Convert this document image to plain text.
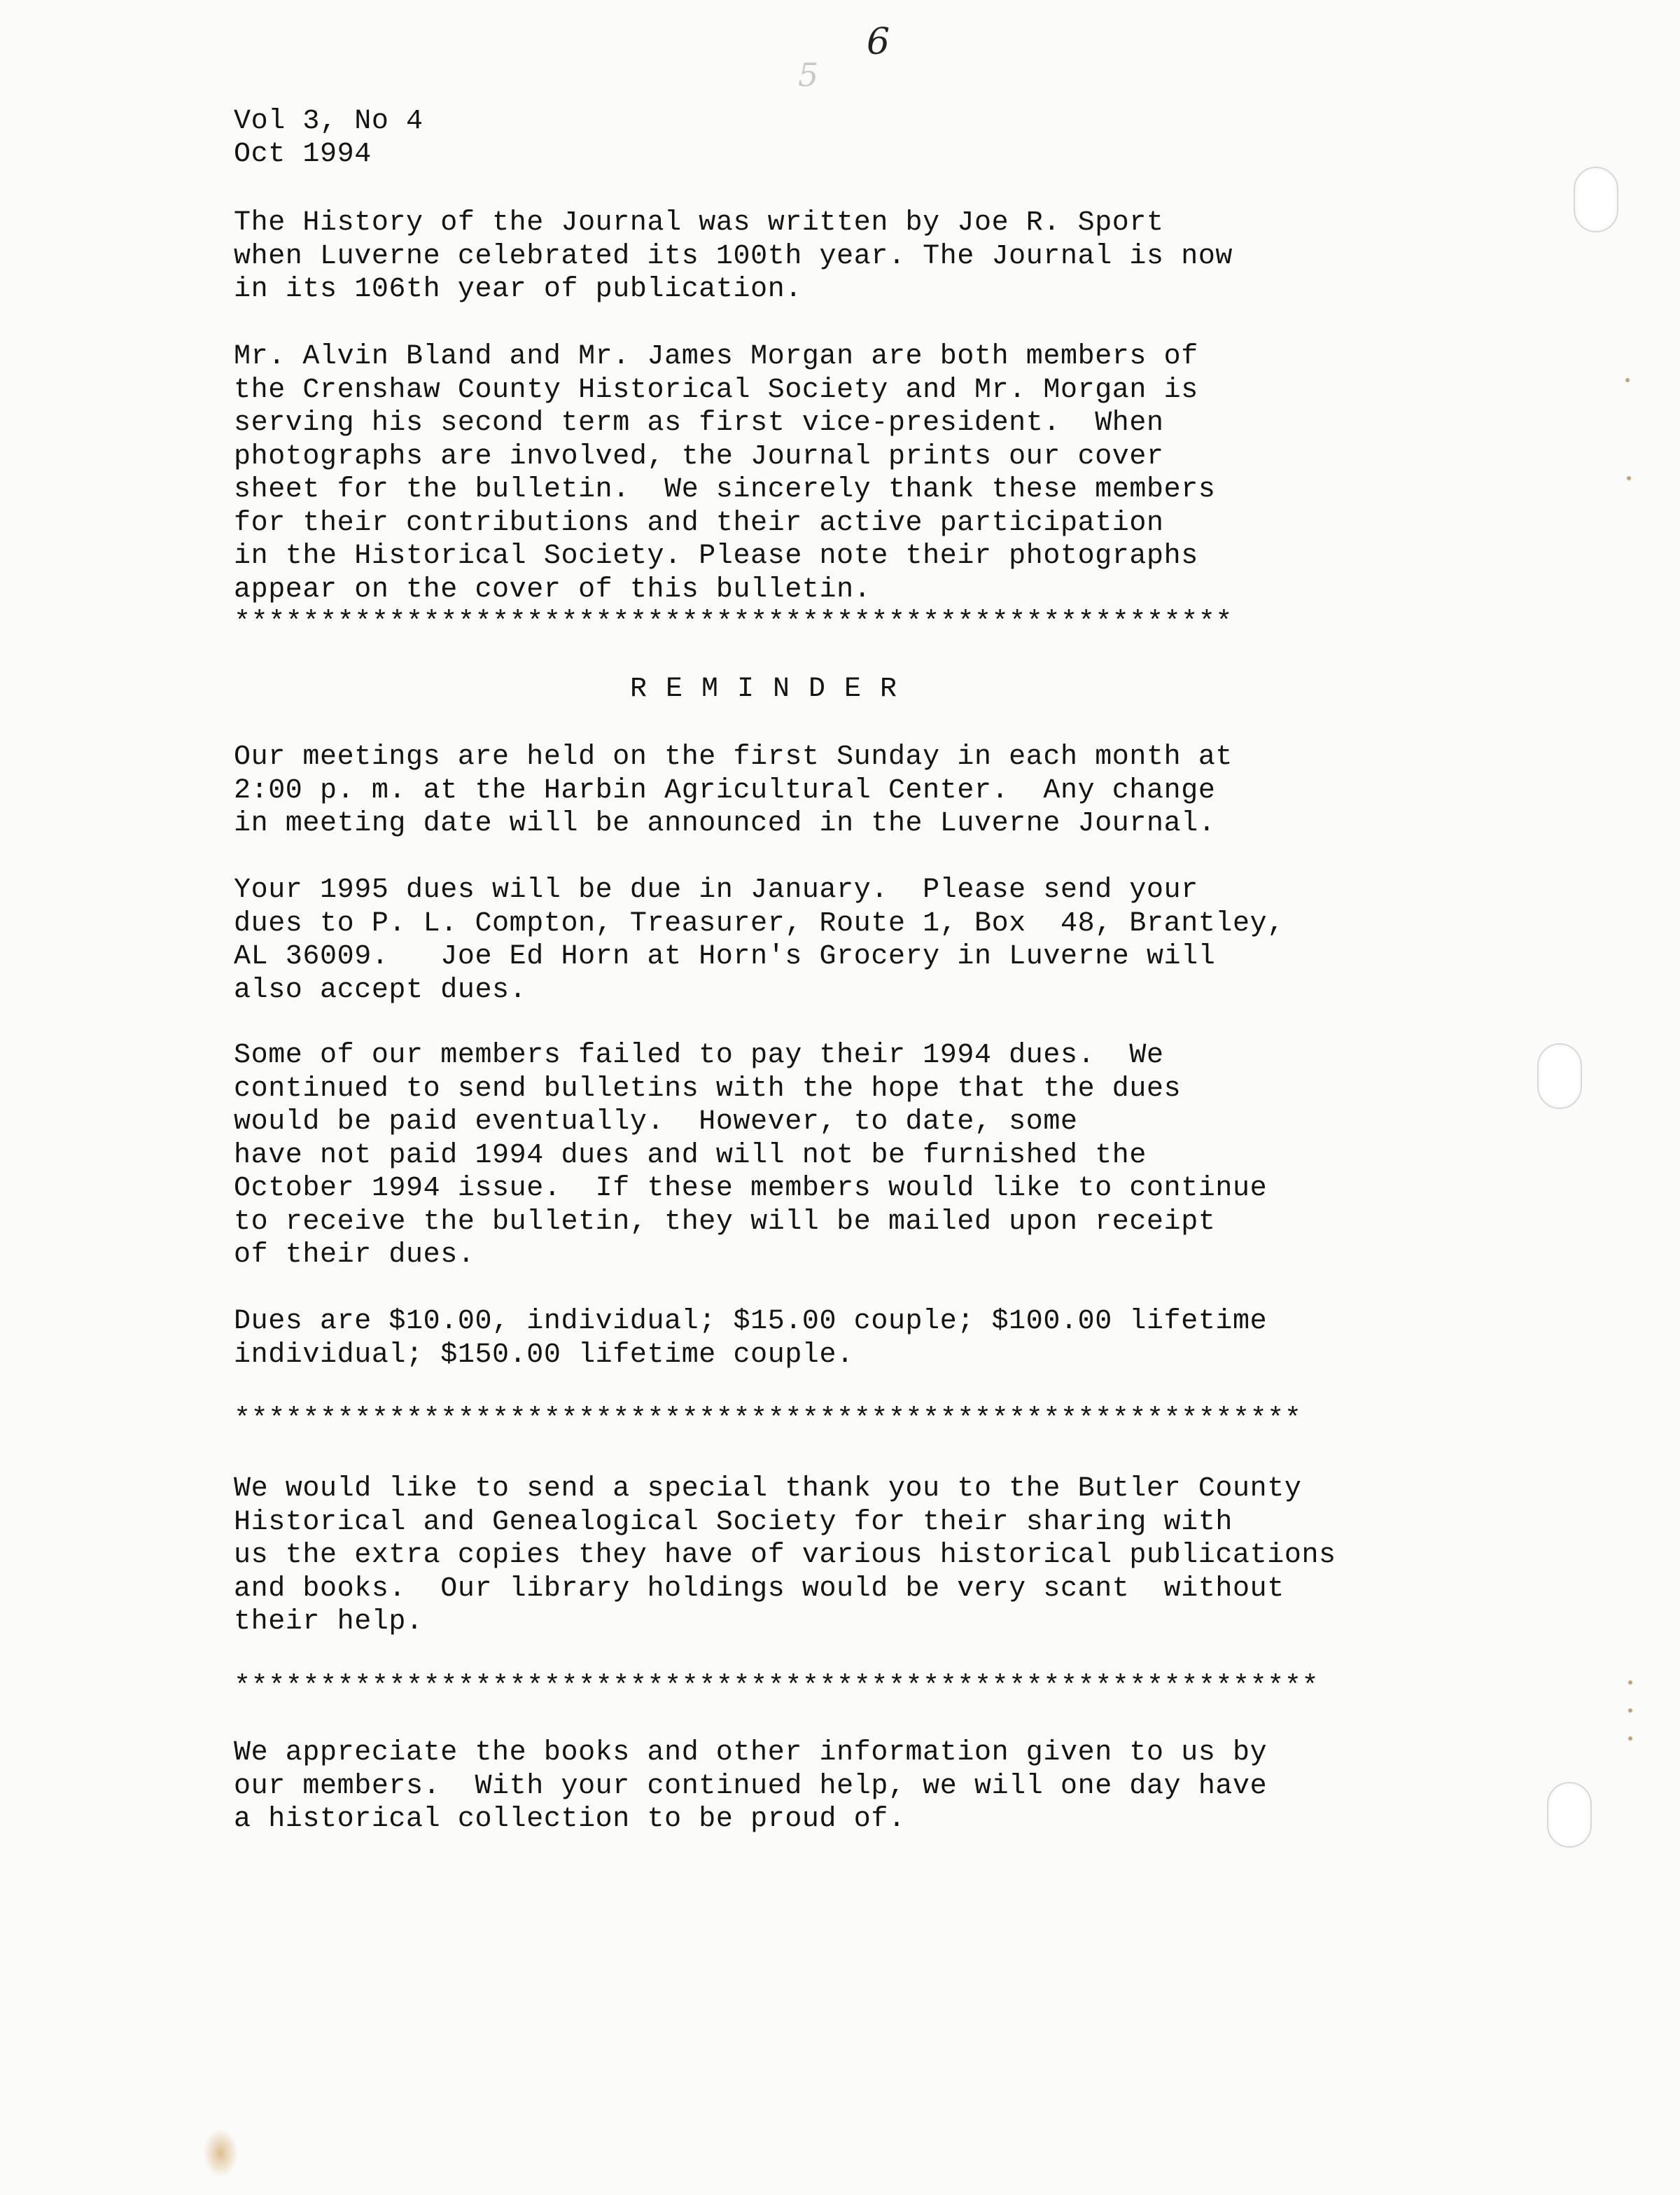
6
5
Vol 3, No 4
Oct 1994
The History of the Journal was written by Joe R. Sport
when Luverne celebrated its 100th year. The Journal is now
in its 106th year of publication.
Mr. Alvin Bland and Mr. James Morgan are both members of
the Crenshaw County Historical Society and Mr. Morgan is
serving his second term as first vice-president.  When
photographs are involved, the Journal prints our cover
sheet for the bulletin.  We sincerely thank these members
for their contributions and their active participation
in the Historical Society. Please note their photographs
appear on the cover of this bulletin.
**********************************************************
REMINDER
Our meetings are held on the first Sunday in each month at
2:00 p. m. at the Harbin Agricultural Center.  Any change
in meeting date will be announced in the Luverne Journal.
Your 1995 dues will be due in January.  Please send your
dues to P. L. Compton, Treasurer, Route 1, Box  48, Brantley,
AL 36009.   Joe Ed Horn at Horn's Grocery in Luverne will
also accept dues.
Some of our members failed to pay their 1994 dues.  We
continued to send bulletins with the hope that the dues
would be paid eventually.  However, to date, some
have not paid 1994 dues and will not be furnished the
October 1994 issue.  If these members would like to continue
to receive the bulletin, they will be mailed upon receipt
of their dues.
Dues are $10.00, individual; $15.00 couple; $100.00 lifetime
individual; $150.00 lifetime couple.
**************************************************************
We would like to send a special thank you to the Butler County
Historical and Genealogical Society for their sharing with
us the extra copies they have of various historical publications
and books.  Our library holdings would be very scant  without
their help.
***************************************************************
We appreciate the books and other information given to us by
our members.  With your continued help, we will one day have
a historical collection to be proud of.
